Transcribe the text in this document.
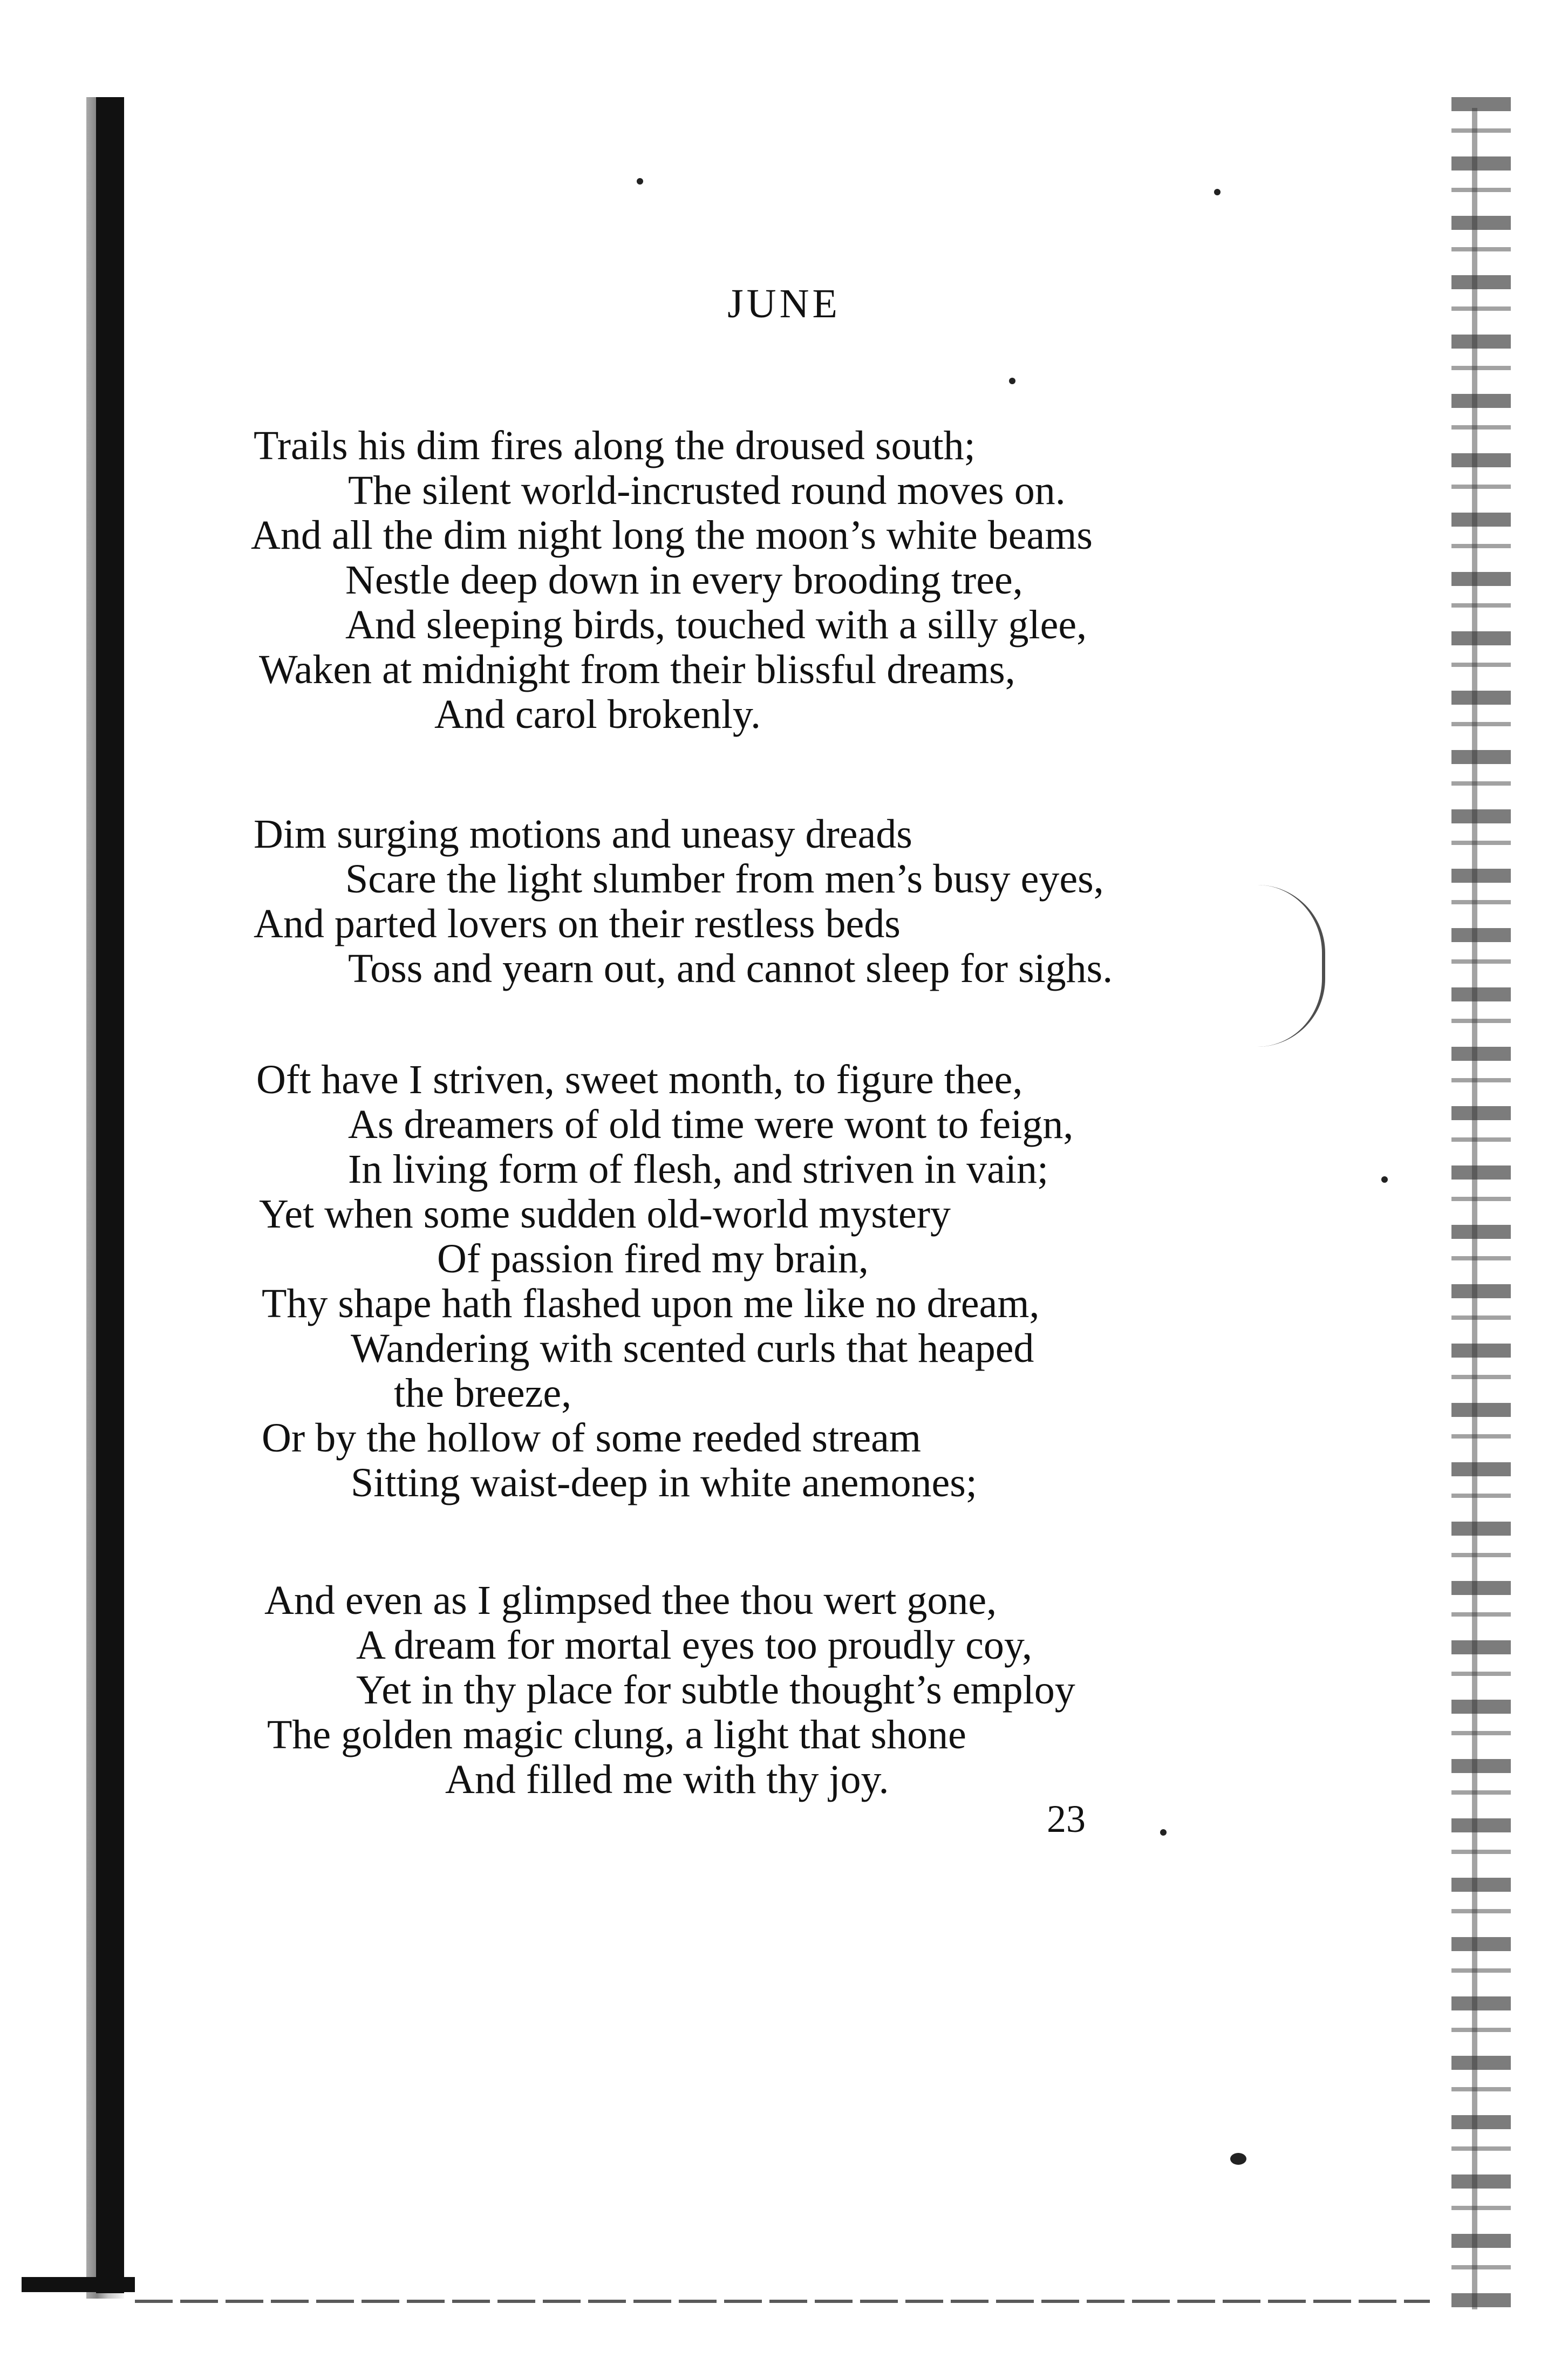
JUNE
Trails his dim fires along the droused south;
The silent world-incrusted round moves on.
And all the dim night long the moon’s white beams
Nestle deep down in every brooding tree,
And sleeping birds, touched with a silly glee,
Waken at midnight from their blissful dreams,
And carol brokenly.
Dim surging motions and uneasy dreads
Scare the light slumber from men’s busy eyes,
And parted lovers on their restless beds
Toss and yearn out, and cannot sleep for sighs.
Oft have I striven, sweet month, to figure thee,
As dreamers of old time were wont to feign,
In living form of flesh, and striven in vain;
Yet when some sudden old-world mystery
Of passion fired my brain,
Thy shape hath flashed upon me like no dream,
Wandering with scented curls that heaped
the breeze,
Or by the hollow of some reeded stream
Sitting waist-deep in white anemones;
And even as I glimpsed thee thou wert gone,
A dream for mortal eyes too proudly coy,
Yet in thy place for subtle thought’s employ
The golden magic clung, a light that shone
And filled me with thy joy.
23
